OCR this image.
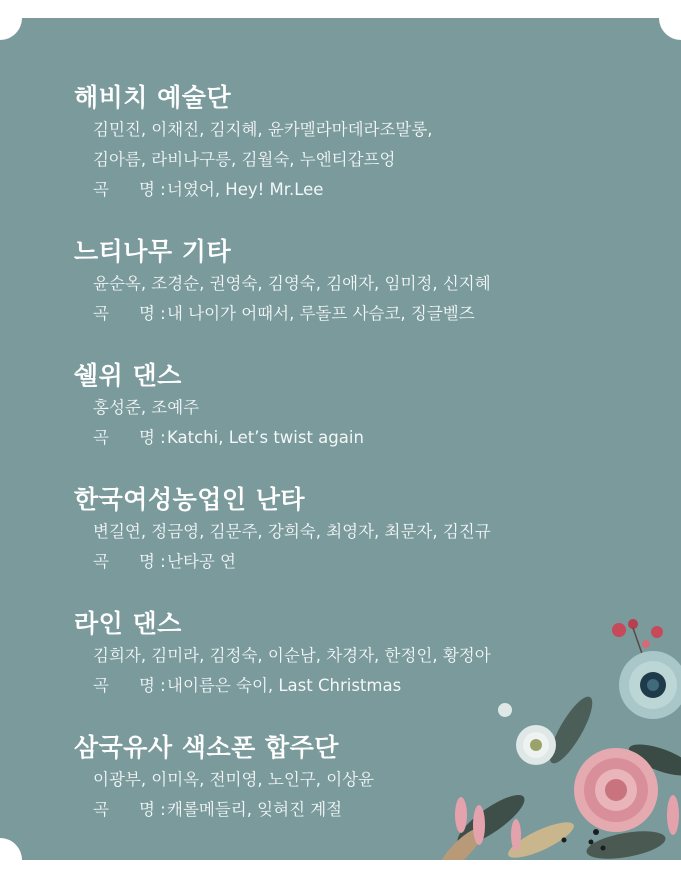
해비치 예술단
김민진, 이채진, 김지혜, 윤카멜라마데라조말롱,
김아름, 라비나구릉, 김월숙, 누엔티갑프엉
곡 명 : 너였어, Hey! Mr.Lee
느티나무 기타
윤순옥, 조경순, 권영숙, 김영숙, 김애자, 임미정, 신지혜
곡 명 : 내 나이가 어때서, 루돌프 사슴코, 징글벨즈
쉘위 댄스
홍성준, 조예주
곡 명 : Katchi, Let’s twist again
한국여성농업인 난타
변길연, 정금영, 김문주, 강희숙, 최영자, 최문자, 김진규
곡 명 : 난타공 연
라인 댄스
김희자, 김미라, 김정숙, 이순남, 차경자, 한정인, 황정아
곡 명 : 내이름은 숙이, Last Christmas
삼국유사 색소폰 합주단
이광부, 이미옥, 전미영, 노인구, 이상윤
곡 명 : 캐롤메들리, 잊혀진 계절
